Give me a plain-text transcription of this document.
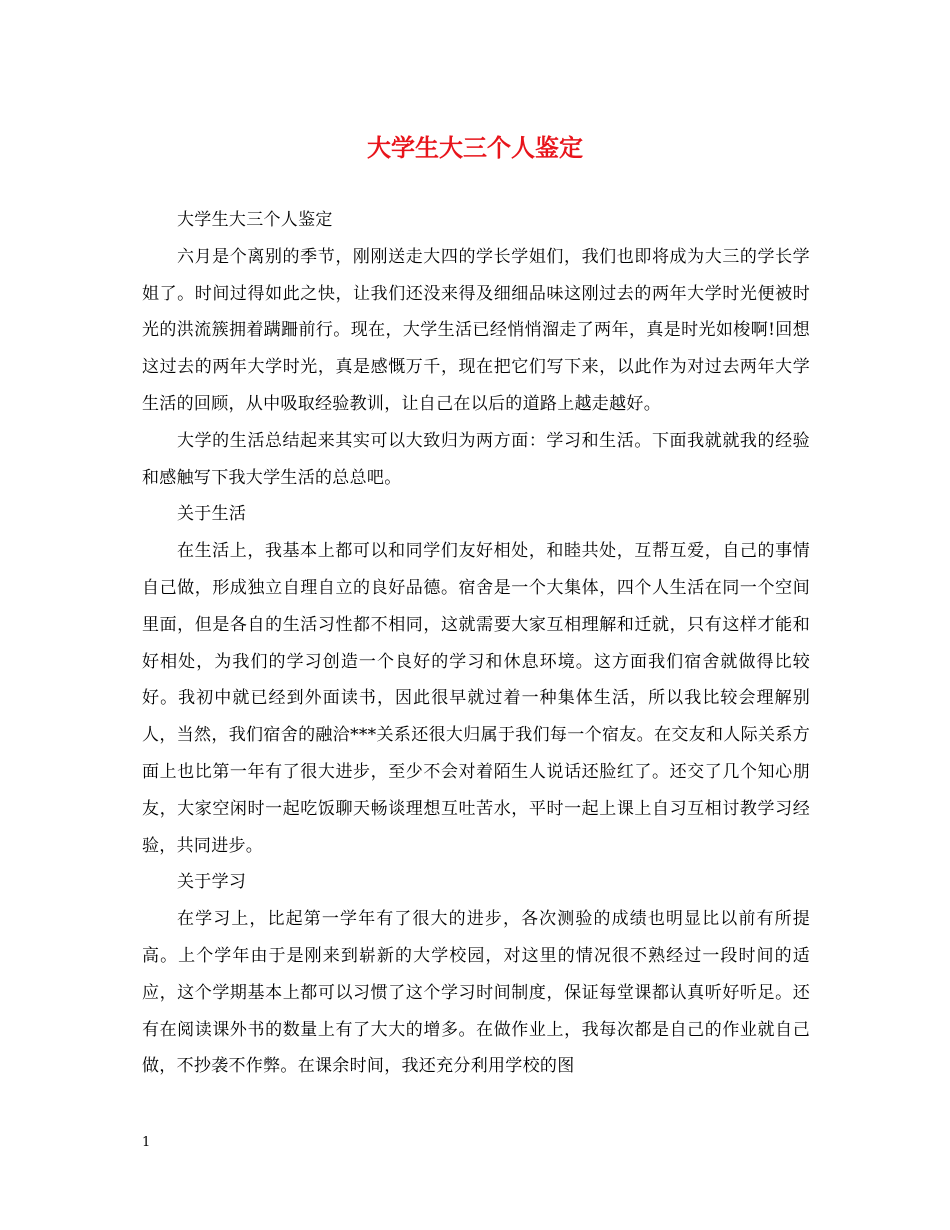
大学生大三个人鉴定

大学生大三个人鉴定

六月是个离别的季节，刚刚送走大四的学长学姐们，我们也即将成为大三的学长学姐了。时间过得如此之快，让我们还没来得及细细品味这刚过去的两年大学时光便被时光的洪流簇拥着蹒跚前行。现在，大学生活已经悄悄溜走了两年，真是时光如梭啊!回想这过去的两年大学时光，真是感慨万千，现在把它们写下来，以此作为对过去两年大学生活的回顾，从中吸取经验教训，让自己在以后的道路上越走越好。

大学的生活总结起来其实可以大致归为两方面：学习和生活。下面我就就我的经验和感触写下我大学生活的总总吧。

关于生活

在生活上，我基本上都可以和同学们友好相处，和睦共处，互帮互爱，自己的事情自己做，形成独立自理自立的良好品德。宿舍是一个大集体，四个人生活在同一个空间里面，但是各自的生活习性都不相同，这就需要大家互相理解和迁就，只有这样才能和好相处，为我们的学习创造一个良好的学习和休息环境。这方面我们宿舍就做得比较好。我初中就已经到外面读书，因此很早就过着一种集体生活，所以我比较会理解别人，当然，我们宿舍的融洽***关系还很大归属于我们每一个宿友。在交友和人际关系方面上也比第一年有了很大进步，至少不会对着陌生人说话还脸红了。还交了几个知心朋友，大家空闲时一起吃饭聊天畅谈理想互吐苦水，平时一起上课上自习互相讨教学习经验，共同进步。

关于学习

在学习上，比起第一学年有了很大的进步，各次测验的成绩也明显比以前有所提高。上个学年由于是刚来到崭新的大学校园，对这里的情况很不熟经过一段时间的适应，这个学期基本上都可以习惯了这个学习时间制度，保证每堂课都认真听好听足。还有在阅读课外书的数量上有了大大的增多。在做作业上，我每次都是自己的作业就自己做，不抄袭不作弊。在课余时间，我还充分利用学校的图

1
